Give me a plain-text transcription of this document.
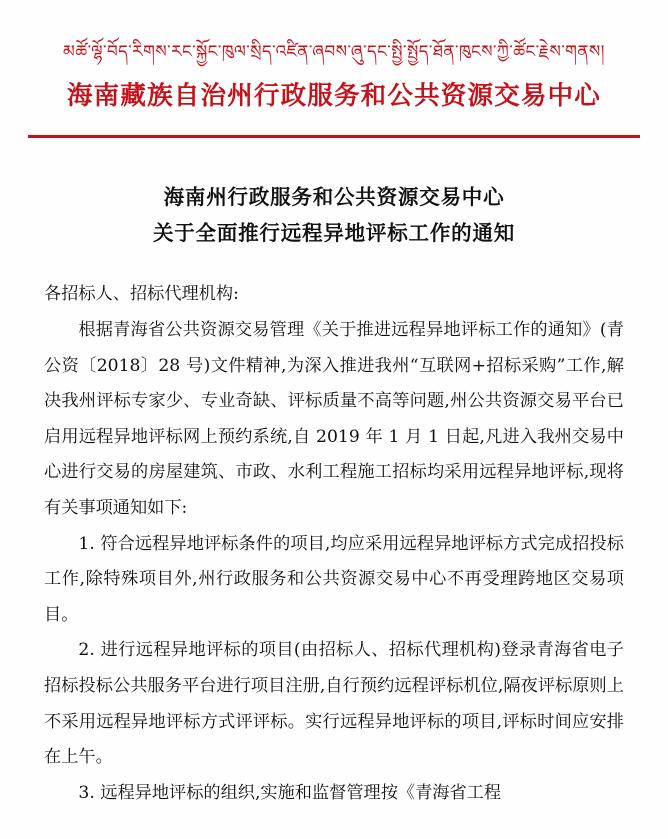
མཚོ་ལྷོ་བོད་རིགས་རང་སྐྱོང་ཁུལ་སྲིད་འཛིན་ཞབས་ཞུ་དང་སྤྱི་སྤྱོད་ཐོན་ཁུངས་ཀྱི་ཚོང་རྗེས་གནས།
海南藏族自治州行政服务和公共资源交易中心
海南州行政服务和公共资源交易中心
关于全面推行远程异地评标工作的通知

各招标人、招标代理机构:

根据青海省公共资源交易管理《关于推进远程异地评标工作的通知》(青公资〔2018〕28 号)文件精神,为深入推进我州“互联网+招标采购”工作,解决我州评标专家少、专业奇缺、评标质量不高等问题,州公共资源交易平台已启用远程异地评标网上预约系统,自 2019 年 1 月 1 日起,凡进入我州交易中心进行交易的房屋建筑、市政、水利工程施工招标均采用远程异地评标,现将有关事项通知如下:

1. 符合远程异地评标条件的项目,均应采用远程异地评标方式完成招投标工作,除特殊项目外,州行政服务和公共资源交易中心不再受理跨地区交易项目。

2. 进行远程异地评标的项目(由招标人、招标代理机构)登录青海省电子招标投标公共服务平台进行项目注册,自行预约远程评标机位,隔夜评标原则上不采用远程异地评标方式评评标。实行远程异地评标的项目,评标时间应安排在上午。

3. 远程异地评标的组织,实施和监督管理按《青海省工程
